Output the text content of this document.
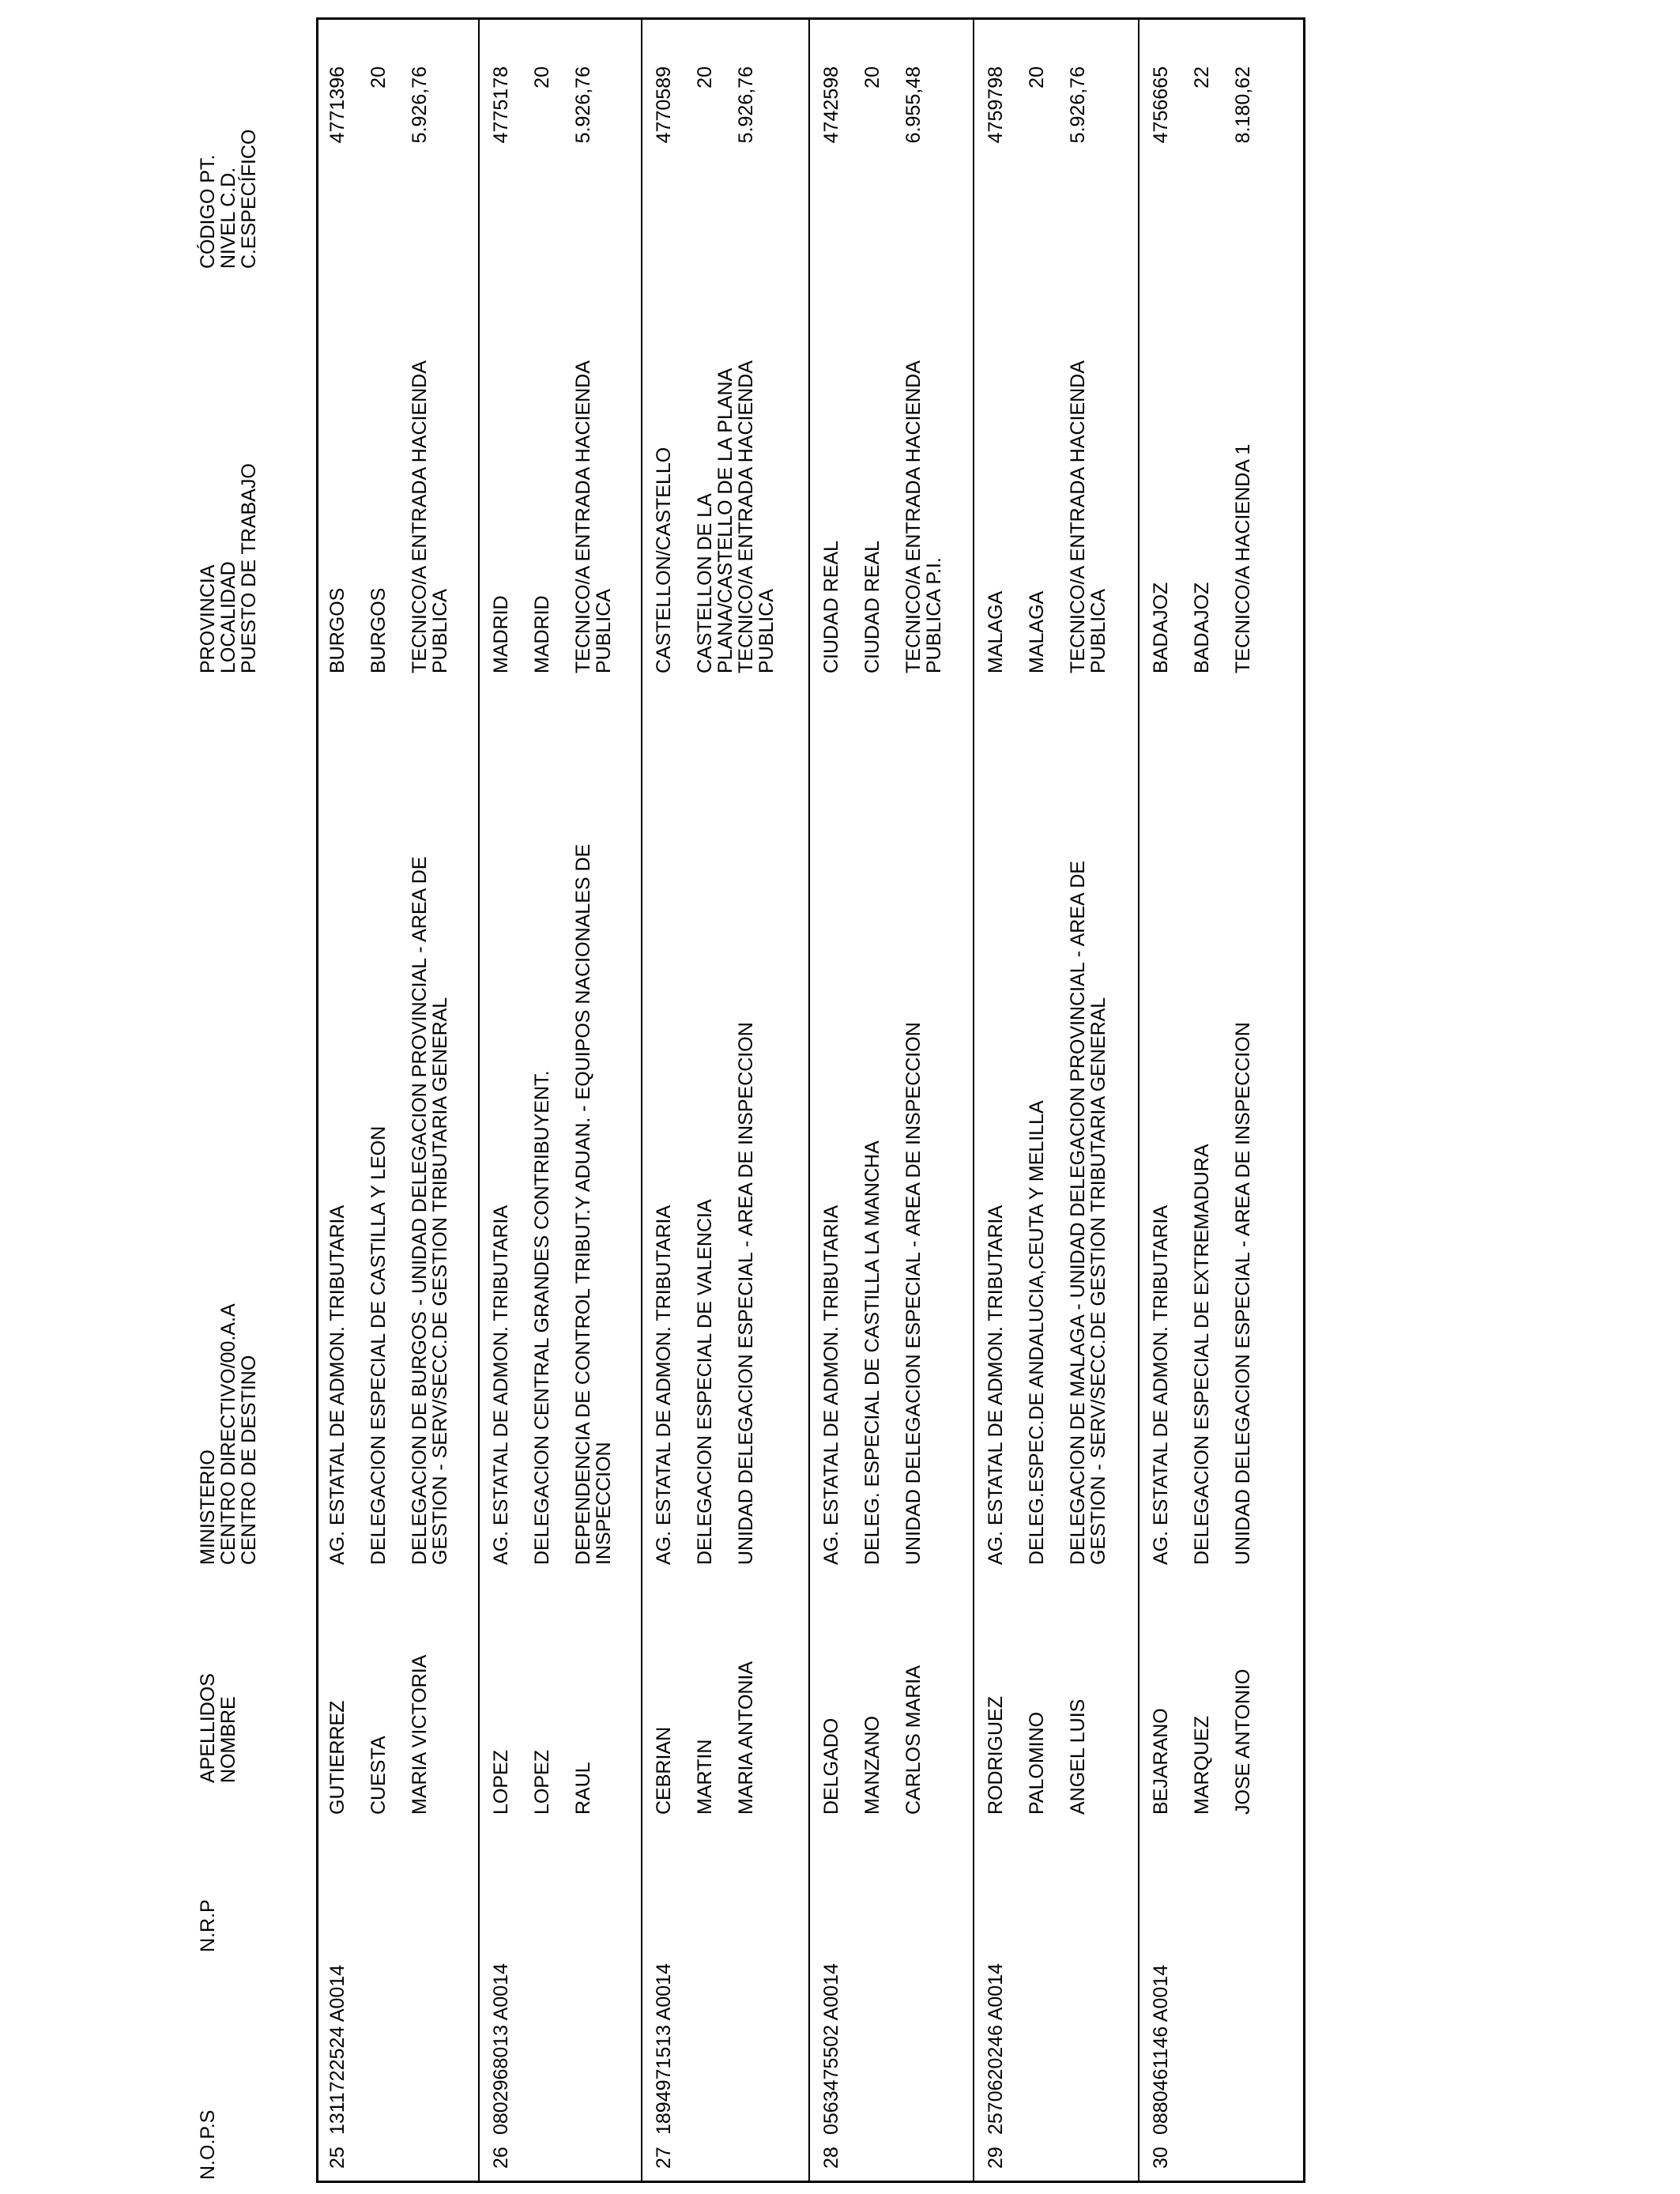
N.O.P.S
N.R.P
APELLIDOS
NOMBRE
MINISTERIO
CENTRO DIRECTIVO/00.A.A
CENTRO DE DESTINO
PROVINCIA
LOCALIDAD
PUESTO DE TRABAJO
CÓDIGO PT.
NIVEL C.D.
C.ESPECÍFICO
25
1311722524 A0014
GUTIERREZ CUESTA MARIA VICTORIA
AG. ESTATAL DE ADMON. TRIBUTARIA DELEGACION ESPECIAL DE CASTILLA Y LEON DELEGACION DE BURGOS - UNIDAD DELEGACION PROVINCIAL - AREA DE GESTION - SERV/SECC.DE GESTION TRIBUTARIA GENERAL
BURGOS BURGOS TECNICO/A ENTRADA HACIENDA PUBLICA
4771396 20 5.926,76
26
0802968013 A0014
LOPEZ LOPEZ RAUL
AG. ESTATAL DE ADMON. TRIBUTARIA DELEGACION CENTRAL GRANDES CONTRIBUYENT. DEPENDENCIA DE CONTROL TRIBUT.Y ADUAN. - EQUIPOS NACIONALES DE INSPECCION
MADRID MADRID TECNICO/A ENTRADA HACIENDA PUBLICA
4775178 20 5.926,76
27
1894971513 A0014
CEBRIAN MARTIN MARIA ANTONIA
AG. ESTATAL DE ADMON. TRIBUTARIA DELEGACION ESPECIAL DE VALENCIA UNIDAD DELEGACION ESPECIAL - AREA DE INSPECCION
CASTELLON/CASTELLO CASTELLON DE LA PLANA/CASTELLO DE LA PLANA
TECNICO/A ENTRADA HACIENDA PUBLICA
4770589 20 5.926,76
28
0563475502 A0014
DELGADO MANZANO CARLOS MARIA
AG. ESTATAL DE ADMON. TRIBUTARIA DELEG. ESPECIAL DE CASTILLA LA MANCHA UNIDAD DELEGACION ESPECIAL - AREA DE INSPECCION
CIUDAD REAL CIUDAD REAL TECNICO/A ENTRADA HACIENDA PUBLICA P.I.
4742598 20 6.955,48
29
2570620246 A0014
RODRIGUEZ PALOMINO ANGEL LUIS
AG. ESTATAL DE ADMON. TRIBUTARIA DELEG.ESPEC.DE ANDALUCIA,CEUTA Y MELILLA DELEGACION DE MALAGA - UNIDAD DELEGACION PROVINCIAL - AREA DE GESTION - SERV/SECC.DE GESTION TRIBUTARIA GENERAL
MALAGA MALAGA TECNICO/A ENTRADA HACIENDA PUBLICA
4759798 20 5.926,76
30
0880461146 A0014
BEJARANO MARQUEZ JOSE ANTONIO
AG. ESTATAL DE ADMON. TRIBUTARIA DELEGACION ESPECIAL DE EXTREMADURA UNIDAD DELEGACION ESPECIAL - AREA DE INSPECCION
BADAJOZ BADAJOZ TECNICO/A HACIENDA 1
4756665 22 8.180,62
